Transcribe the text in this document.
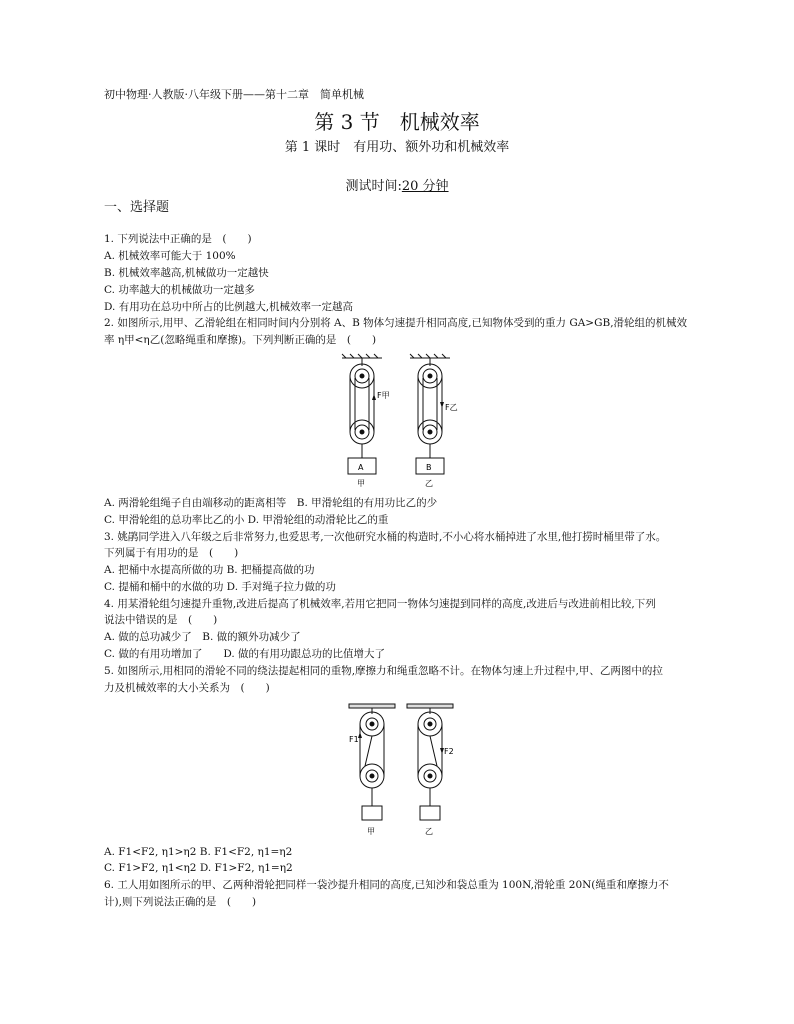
初中物理·人教版·八年级下册——第十二章　简单机械
第 3 节　机械效率
第 1 课时　有用功、额外功和机械效率
测试时间:20 分钟
一、选择题
1. 下列说法中正确的是　(　　)
A. 机械效率可能大于 100%
B. 机械效率越高,机械做功一定越快
C. 功率越大的机械做功一定越多
D. 有用功在总功中所占的比例越大,机械效率一定越高
2. 如图所示,用甲、乙滑轮组在相同时间内分别将 A、B 物体匀速提升相同高度,已知物体受到的重力 GA>GB,滑轮组的机械效
率 η甲<η乙(忽略绳重和摩擦)。下列判断正确的是　(　　)
F甲
F乙
A	B
甲	乙
A. 两滑轮组绳子自由端移动的距离相等　B. 甲滑轮组的有用功比乙的少
C. 甲滑轮组的总功率比乙的小 D. 甲滑轮组的动滑轮比乙的重
3. 姚鹃同学进入八年级之后非常努力,也爱思考,一次他研究水桶的构造时,不小心将水桶掉进了水里,他打捞时桶里带了水。
下列属于有用功的是　(　　)
A. 把桶中水提高所做的功 B. 把桶提高做的功
C. 提桶和桶中的水做的功 D. 手对绳子拉力做的功
4. 用某滑轮组匀速提升重物,改进后提高了机械效率,若用它把同一物体匀速提到同样的高度,改进后与改进前相比较,下列
说法中错误的是　(　　)
A. 做的总功减少了　B. 做的额外功减少了
C. 做的有用功增加了　　D. 做的有用功跟总功的比值增大了
5. 如图所示,用相同的滑轮不同的绕法提起相同的重物,摩擦力和绳重忽略不计。在物体匀速上升过程中,甲、乙两图中的拉
力及机械效率的大小关系为　(　　)
F1
F2
甲	乙
A. F1<F2, η1>η2 B. F1<F2, η1=η2
C. F1>F2, η1<η2 D. F1>F2, η1=η2
6. 工人用如图所示的甲、乙两种滑轮把同样一袋沙提升相同的高度,已知沙和袋总重为 100N,滑轮重 20N(绳重和摩擦力不
计),则下列说法正确的是　(　　)
